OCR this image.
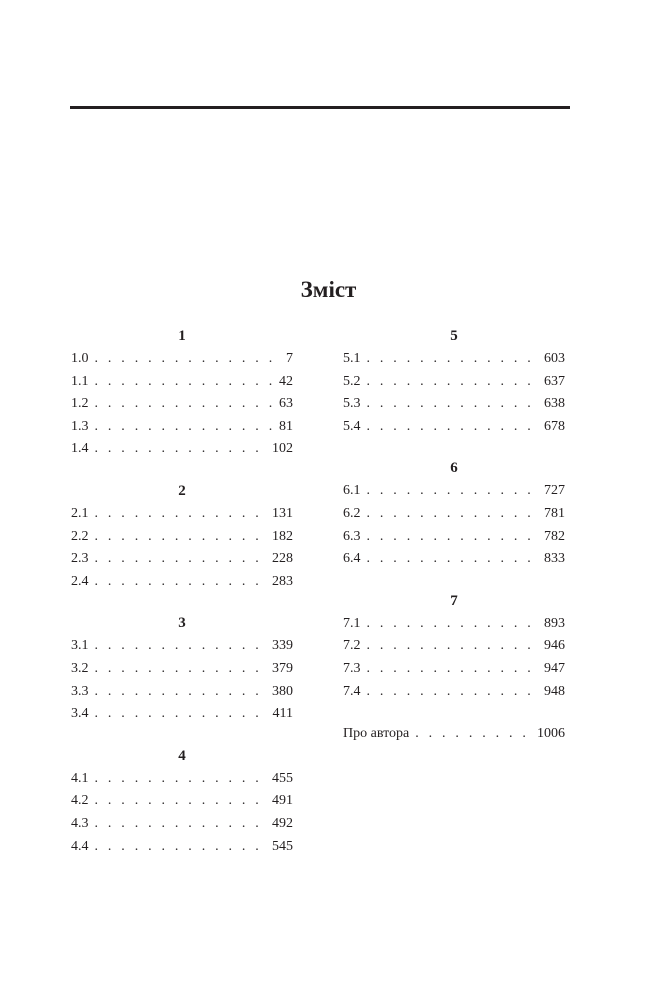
Зміст
1
1.0 . . .	7
1.1 . . .	42
1.2 . . .	63
1.3 . . .	81
1.4 . . .	102
2
2.1 . . .	131
2.2 . . .	182
2.3 . . .	228
2.4 . . .	283
3
3.1 . . .	339
3.2 . . .	379
3.3 . . .	380
3.4 . . .	411
4
4.1 . . .	455
4.2 . . .	491
4.3 . . .	492
4.4 . . .	545
5
5.1 . . .	603
5.2 . . .	637
5.3 . . .	638
5.4 . . .	678
6
6.1 . . .	727
6.2 . . .	781
6.3 . . .	782
6.4 . . .	833
7
7.1 . . .	893
7.2 . . .	946
7.3 . . .	947
7.4 . . .	948
Про автора . . .	1006
